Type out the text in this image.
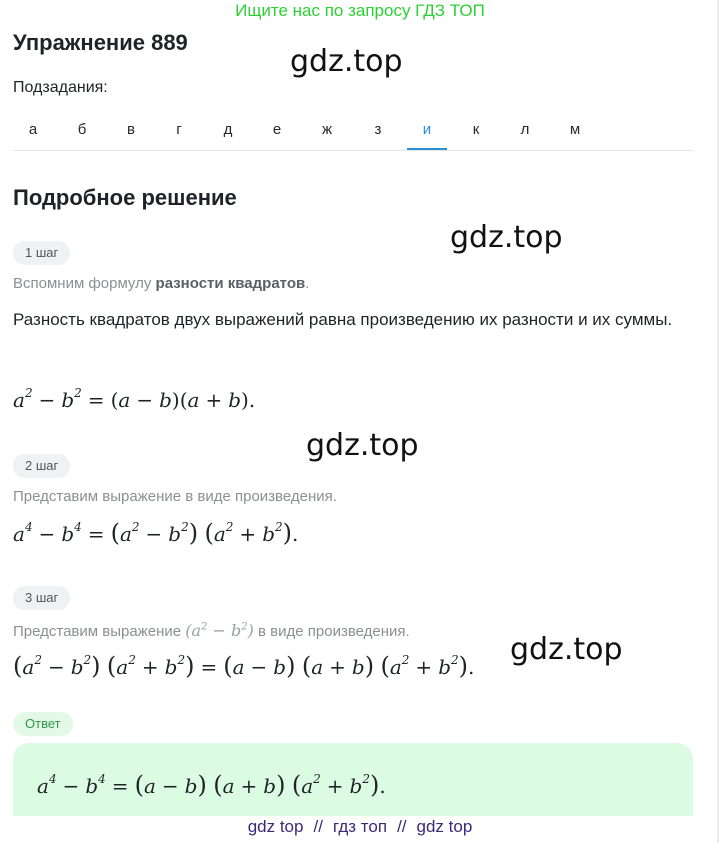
Ищите нас по запросу ГДЗ ТОП
Упражнение 889
gdz.top
Подзадания:
а	б	в	г	д	е	ж	з	и	к	л	м
Подробное решение
gdz.top
1 шаг
Вспомним формулу разности квадратов.
Разность квадратов двух выражений равна произведению их разности и их суммы.
$a^2 - b^2 = (a - b)(a + b)$.
gdz.top
2 шаг
Представим выражение в виде произведения.
$a^4 - b^4 = (a^2 - b^2) (a^2 + b^2)$.
3 шаг
Представим выражение $(a^2 - b^2)$ в виде произведения.
$(a^2 - b^2) (a^2 + b^2) = (a - b) (a + b) (a^2 + b^2)$. gdz.top
Ответ
$a^4 - b^4 = (a - b) (a + b) (a^2 + b^2)$.
gdz top // гдз топ // gdz top
